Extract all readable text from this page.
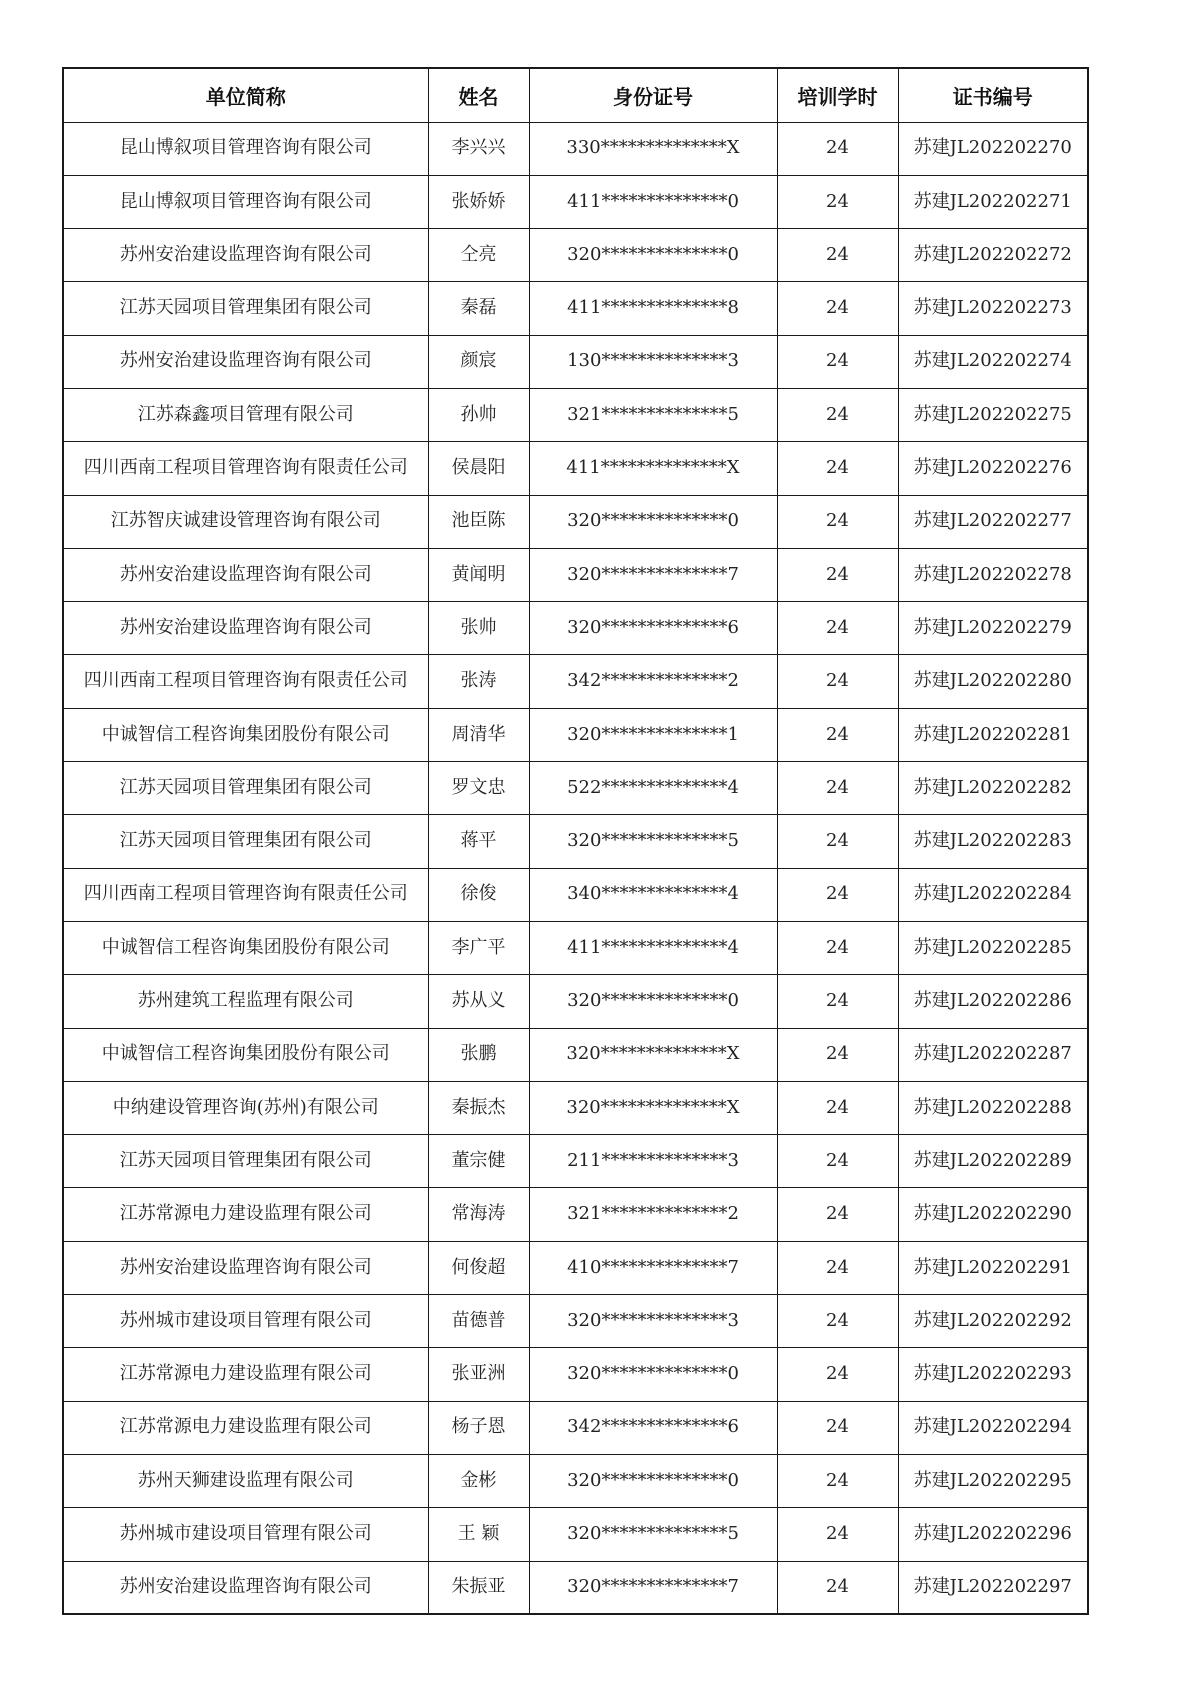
单位简称	姓名	身份证号	培训学时	证书编号
昆山博叙项目管理咨询有限公司	李兴兴	330**************X	24	苏建JL202202270
昆山博叙项目管理咨询有限公司	张娇娇	411**************0	24	苏建JL202202271
苏州安治建设监理咨询有限公司	仝亮	320**************0	24	苏建JL202202272
江苏天园项目管理集团有限公司	秦磊	411**************8	24	苏建JL202202273
苏州安治建设监理咨询有限公司	颜宸	130**************3	24	苏建JL202202274
江苏森鑫项目管理有限公司	孙帅	321**************5	24	苏建JL202202275
四川西南工程项目管理咨询有限责任公司	侯晨阳	411**************X	24	苏建JL202202276
江苏智庆诚建设管理咨询有限公司	池臣陈	320**************0	24	苏建JL202202277
苏州安治建设监理咨询有限公司	黄闻明	320**************7	24	苏建JL202202278
苏州安治建设监理咨询有限公司	张帅	320**************6	24	苏建JL202202279
四川西南工程项目管理咨询有限责任公司	张涛	342**************2	24	苏建JL202202280
中诚智信工程咨询集团股份有限公司	周清华	320**************1	24	苏建JL202202281
江苏天园项目管理集团有限公司	罗文忠	522**************4	24	苏建JL202202282
江苏天园项目管理集团有限公司	蒋平	320**************5	24	苏建JL202202283
四川西南工程项目管理咨询有限责任公司	徐俊	340**************4	24	苏建JL202202284
中诚智信工程咨询集团股份有限公司	李广平	411**************4	24	苏建JL202202285
苏州建筑工程监理有限公司	苏从义	320**************0	24	苏建JL202202286
中诚智信工程咨询集团股份有限公司	张鹏	320**************X	24	苏建JL202202287
中纳建设管理咨询(苏州)有限公司	秦振杰	320**************X	24	苏建JL202202288
江苏天园项目管理集团有限公司	董宗健	211**************3	24	苏建JL202202289
江苏常源电力建设监理有限公司	常海涛	321**************2	24	苏建JL202202290
苏州安治建设监理咨询有限公司	何俊超	410**************7	24	苏建JL202202291
苏州城市建设项目管理有限公司	苗德普	320**************3	24	苏建JL202202292
江苏常源电力建设监理有限公司	张亚洲	320**************0	24	苏建JL202202293
江苏常源电力建设监理有限公司	杨子恩	342**************6	24	苏建JL202202294
苏州天狮建设监理有限公司	金彬	320**************0	24	苏建JL202202295
苏州城市建设项目管理有限公司	王 颖	320**************5	24	苏建JL202202296
苏州安治建设监理咨询有限公司	朱振亚	320**************7	24	苏建JL202202297
